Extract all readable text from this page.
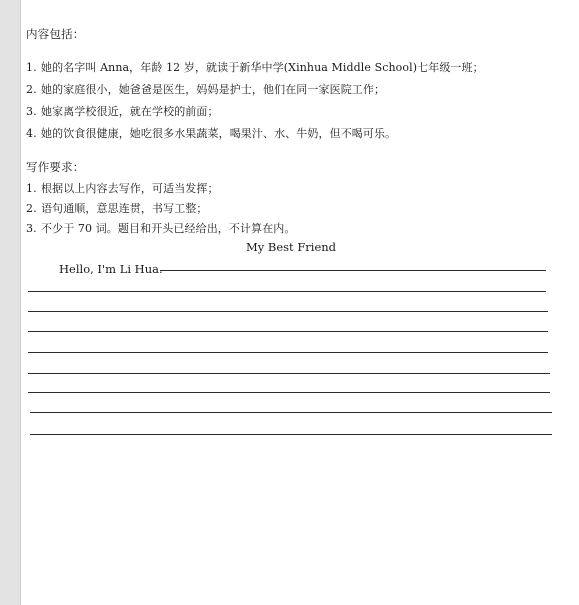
内容包括：
1. 她的名字叫 Anna，年龄 12 岁，就读于新华中学(Xinhua Middle School)七年级一班；
2. 她的家庭很小，她爸爸是医生，妈妈是护士，他们在同一家医院工作；
3. 她家离学校很近，就在学校的前面；
4. 她的饮食很健康，她吃很多水果蔬菜，喝果汁、水、牛奶，但不喝可乐。
写作要求：
1. 根据以上内容去写作，可适当发挥；
2. 语句通顺，意思连贯，书写工整；
3. 不少于 70 词。题目和开头已经给出，不计算在内。
My Best Friend
Hello, I'm Li Hua.
